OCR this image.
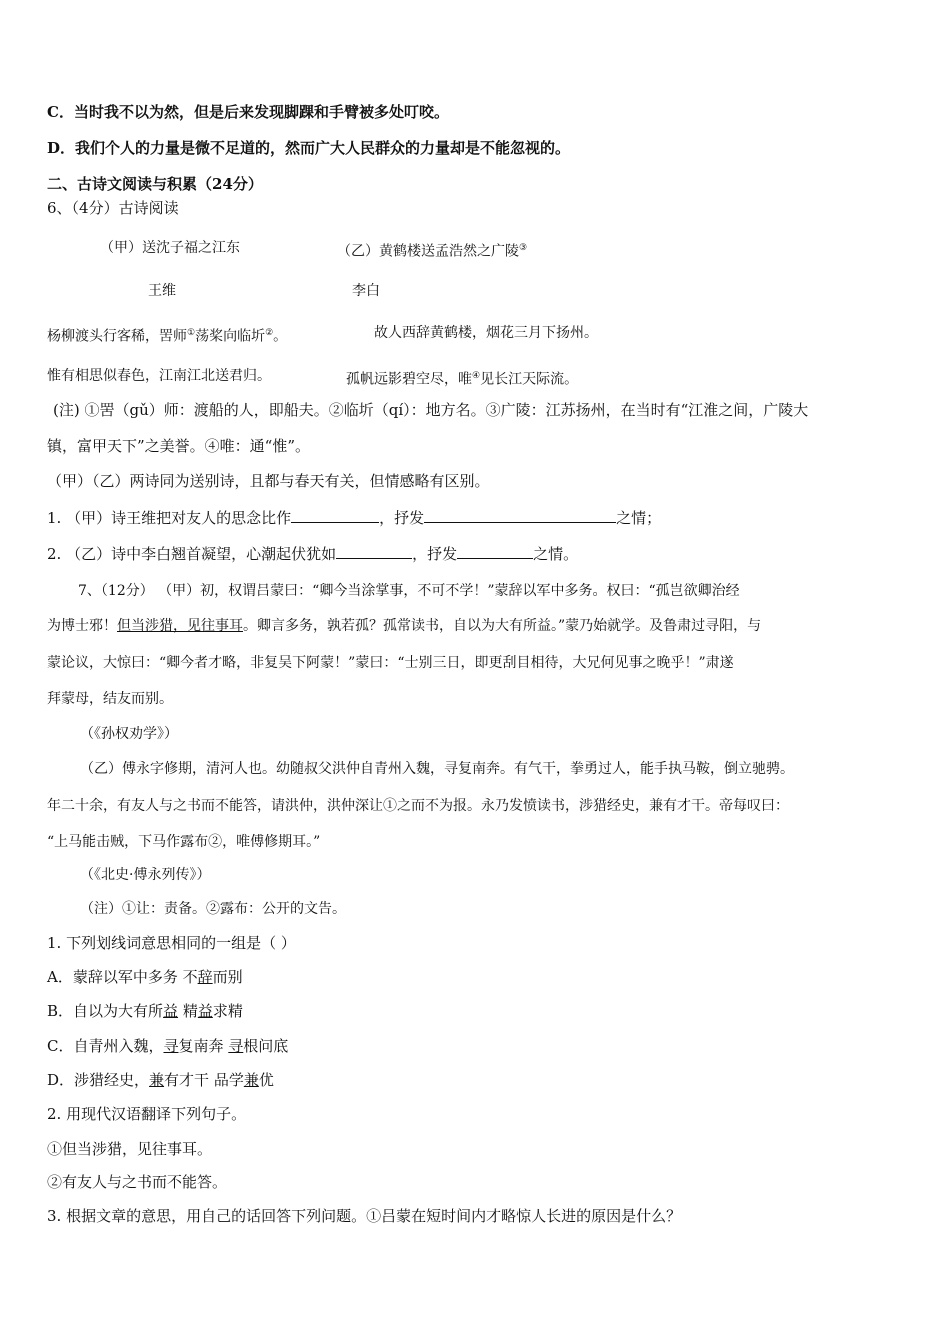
C．当时我不以为然，但是后来发现脚踝和手臂被多处叮咬。
D．我们个人的力量是微不足道的，然而广大人民群众的力量却是不能忽视的。
二、古诗文阅读与积累（24分）
6、（4分）古诗阅读
（甲）送沈子福之江东	（乙）黄鹤楼送孟浩然之广陵③
王维	李白
杨柳渡头行客稀，罟师①荡桨向临圻②。	故人西辞黄鹤楼，烟花三月下扬州。
惟有相思似春色，江南江北送君归。	孤帆远影碧空尽，唯④见长江天际流。
(注) ①罟（gǔ）师：渡船的人，即船夫。②临圻（qí）：地方名。③广陵：江苏扬州，在当时有“江淮之间，广陵大
镇，富甲天下”之美誉。④唯：通“惟”。
（甲）（乙）两诗同为送别诗，且都与春天有关，但情感略有区别。
1. （甲）诗王维把对友人的思念比作	，抒发	之情；
2. （乙）诗中李白翘首凝望，心潮起伏犹如	，抒发	之情。
7、（12分） （甲）初，权谓吕蒙曰：“卿今当涂掌事，不可不学！”蒙辞以军中多务。权曰：“孤岂欲卿治经
为博士邪！但当涉猎，见往事耳。卿言多务，孰若孤？孤常读书，自以为大有所益。”蒙乃始就学。及鲁肃过寻阳，与
蒙论议，大惊曰：“卿今者才略，非复吴下阿蒙！”蒙曰：“士别三日，即更刮目相待，大兄何见事之晚乎！”肃遂
拜蒙母，结友而别。
（《孙权劝学》）
（乙）傅永字修期，清河人也。幼随叔父洪仲自青州入魏，寻复南奔。有气干，拳勇过人，能手执马鞍，倒立驰骋。
年二十余，有友人与之书而不能答，请洪仲，洪仲深让①之而不为报。永乃发愤读书，涉猎经史，兼有才干。帝每叹曰：
“上马能击贼，下马作露布②，唯傅修期耳。”
（《北史·傅永列传》）
（注）①让：责备。②露布：公开的文告。
1. 下列划线词意思相同的一组是（ ）
A．蒙辞以军中多务 不辞而别
B．自以为大有所益 精益求精
C．自青州入魏，寻复南奔 寻根问底
D．涉猎经史，兼有才干 品学兼优
2. 用现代汉语翻译下列句子。
①但当涉猎，见往事耳。
②有友人与之书而不能答。
3. 根据文章的意思，用自己的话回答下列问题。①吕蒙在短时间内才略惊人长进的原因是什么？
